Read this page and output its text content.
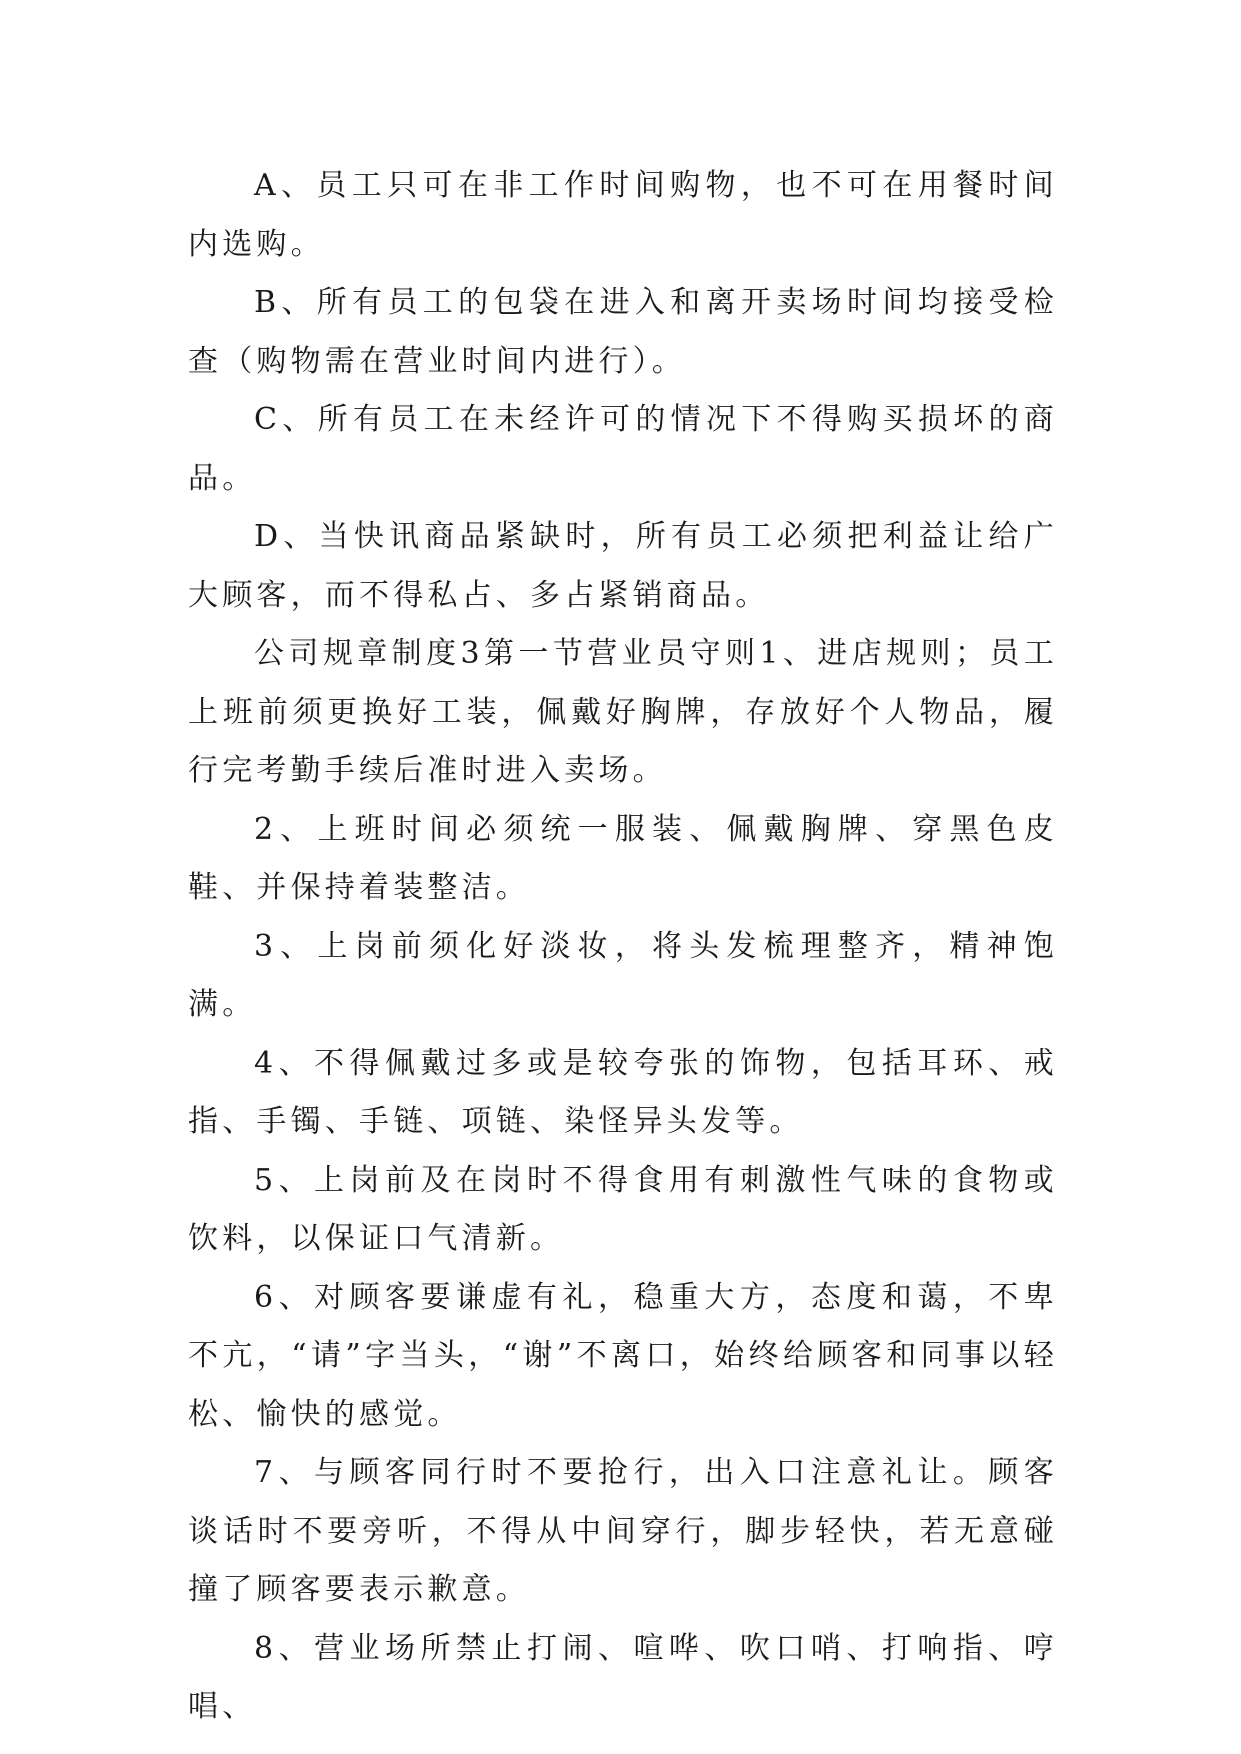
A、员工只可在非工作时间购物，也不可在用餐时间内选购。

B、所有员工的包袋在进入和离开卖场时间均接受检查（购物需在营业时间内进行）。

C、所有员工在未经许可的情况下不得购买损坏的商品。

D、当快讯商品紧缺时，所有员工必须把利益让给广大顾客，而不得私占、多占紧销商品。

公司规章制度3第一节营业员守则1、进店规则；员工上班前须更换好工装，佩戴好胸牌，存放好个人物品，履行完考勤手续后准时进入卖场。

2、上班时间必须统一服装、佩戴胸牌、穿黑色皮鞋、并保持着装整洁。

3、上岗前须化好淡妆，将头发梳理整齐，精神饱满。

4、不得佩戴过多或是较夸张的饰物，包括耳环、戒指、手镯、手链、项链、染怪异头发等。

5、上岗前及在岗时不得食用有刺激性气味的食物或饮料，以保证口气清新。

6、对顾客要谦虚有礼，稳重大方，态度和蔼，不卑不亢，“请”字当头，“谢”不离口，始终给顾客和同事以轻松、愉快的感觉。

7、与顾客同行时不要抢行，出入口注意礼让。顾客谈话时不要旁听，不得从中间穿行，脚步轻快，若无意碰撞了顾客要表示歉意。

8、营业场所禁止打闹、喧哗、吹口哨、打响指、哼唱、
